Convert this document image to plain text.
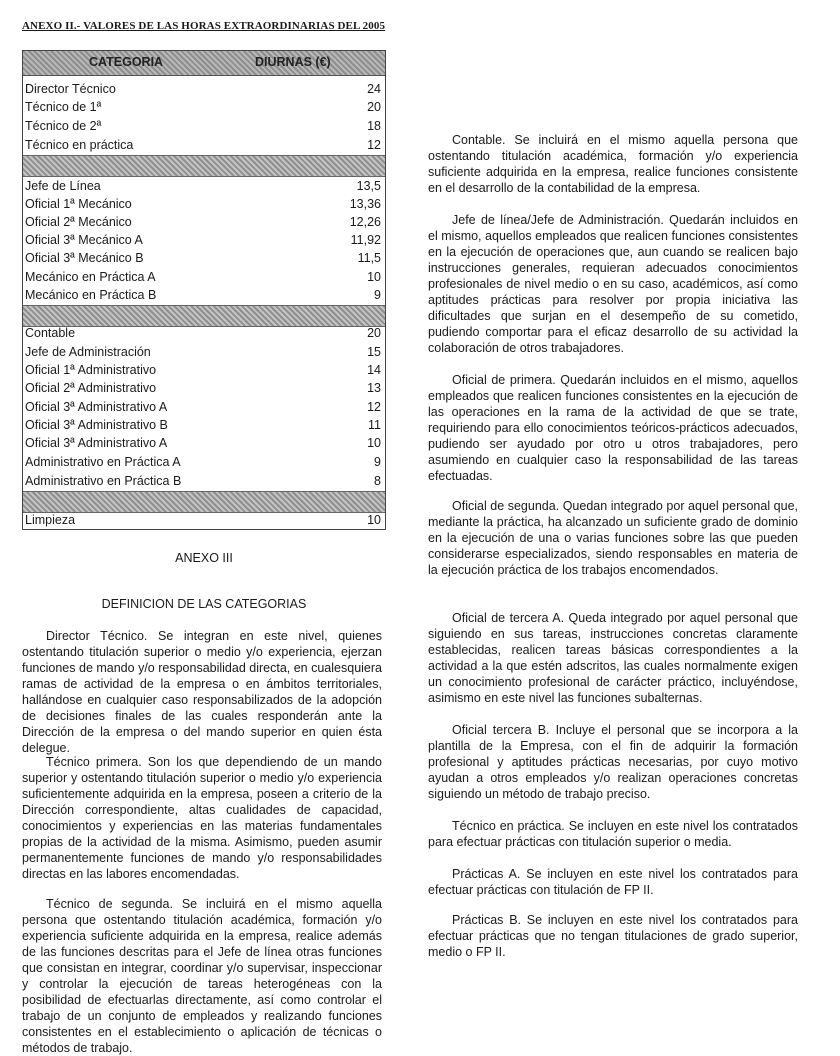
ANEXO II.- VALORES DE LAS HORAS EXTRAORDINARIAS DEL 2005
CATEGORIA	DIURNAS (€)
Director Técnico	24
Técnico de 1ª	20
Técnico de 2ª	18
Técnico en práctica	12
Jefe de Línea	13,5
Oficial 1ª Mecánico	13,36
Oficial 2ª Mecánico	12,26
Oficial 3ª Mecánico A	11,92
Oficial 3ª Mecánico B	11,5
Mecánico en Práctica A	10
Mecánico en Práctica B	9
Contable	20
Jefe de Administración	15
Oficial 1ª Administrativo	14
Oficial 2ª Administrativo	13
Oficial 3ª Administrativo A	12
Oficial 3ª Administrativo B	11
Oficial 3ª Administrativo A	10
Administrativo en Práctica A	9
Administrativo en Práctica B	8
Limpieza	10
ANEXO III
DEFINICION DE LAS CATEGORIAS

Director Técnico. Se integran en este nivel, quienes ostentando titulación superior o medio y/o experiencia, ejerzan funciones de mando y/o responsabilidad directa, en cualesquiera ramas de actividad de la empresa o en ámbitos territoriales, hallándose en cualquier caso responsabilizados de la adopción de decisiones finales de las cuales responderán ante la Dirección de la empresa o del mando superior en quien ésta delegue.

Técnico primera. Son los que dependiendo de un mando superior y ostentando titulación superior o medio y/o experiencia suficientemente adquirida en la empresa, poseen a criterio de la Dirección correspondiente, altas cualidades de capacidad, conocimientos y experiencias en las materias fundamentales propias de la actividad de la misma. Asimismo, pueden asumir permanentemente funciones de mando y/o responsabilidades directas en las labores encomendadas.

Técnico de segunda. Se incluirá en el mismo aquella persona que ostentando titulación académica, formación y/o experiencia suficiente adquirida en la empresa, realice además de las funciones descritas para el Jefe de línea otras funciones que consistan en integrar, coordinar y/o supervisar, inspeccionar y controlar la ejecución de tareas heterogéneas con la posibilidad de efectuarlas directamente, así como controlar el trabajo de un conjunto de empleados y realizando funciones consistentes en el establecimiento o aplicación de técnicas o métodos de trabajo.

Contable. Se incluirá en el mismo aquella persona que ostentando titulación académica, formación y/o experiencia suficiente adquirida en la empresa, realice funciones consistente en el desarrollo de la contabilidad de la empresa.

Jefe de línea/Jefe de Administración. Quedarán incluidos en el mismo, aquellos empleados que realicen funciones consistentes en la ejecución de operaciones que, aun cuando se realicen bajo instrucciones generales, requieran adecuados conocimientos profesionales de nivel medio o en su caso, académicos, así como aptitudes prácticas para resolver por propia iniciativa las dificultades que surjan en el desempeño de su cometido, pudiendo comportar para el eficaz desarrollo de su actividad la colaboración de otros trabajadores.

Oficial de primera. Quedarán incluidos en el mismo, aquellos empleados que realicen funciones consistentes en la ejecución de las operaciones en la rama de la actividad de que se trate, requiriendo para ello conocimientos teóricos-prácticos adecuados, pudiendo ser ayudado por otro u otros trabajadores, pero asumiendo en cualquier caso la responsabilidad de las tareas efectuadas.

Oficial de segunda. Quedan integrado por aquel personal que, mediante la práctica, ha alcanzado un suficiente grado de dominio en la ejecución de una o varias funciones sobre las que pueden considerarse especializados, siendo responsables en materia de la ejecución práctica de los trabajos encomendados.

Oficial de tercera A. Queda integrado por aquel personal que siguiendo en sus tareas, instrucciones concretas claramente establecidas, realicen tareas básicas correspondientes a la actividad a la que estén adscritos, las cuales normalmente exigen un conocimiento profesional de carácter práctico, incluyéndose, asimismo en este nivel las funciones subalternas.

Oficial tercera B. Incluye el personal que se incorpora a la plantilla de la Empresa, con el fin de adquirir la formación profesional y aptitudes prácticas necesarias, por cuyo motivo ayudan a otros empleados y/o realizan operaciones concretas siguiendo un método de trabajo preciso.

Técnico en práctica. Se incluyen en este nivel los contratados para efectuar prácticas con titulación superior o media.

Prácticas A. Se incluyen en este nivel los contratados para efectuar prácticas con titulación de FP II.

Prácticas B. Se incluyen en este nivel los contratados para efectuar prácticas que no tengan titulaciones de grado superior, medio o FP II.
